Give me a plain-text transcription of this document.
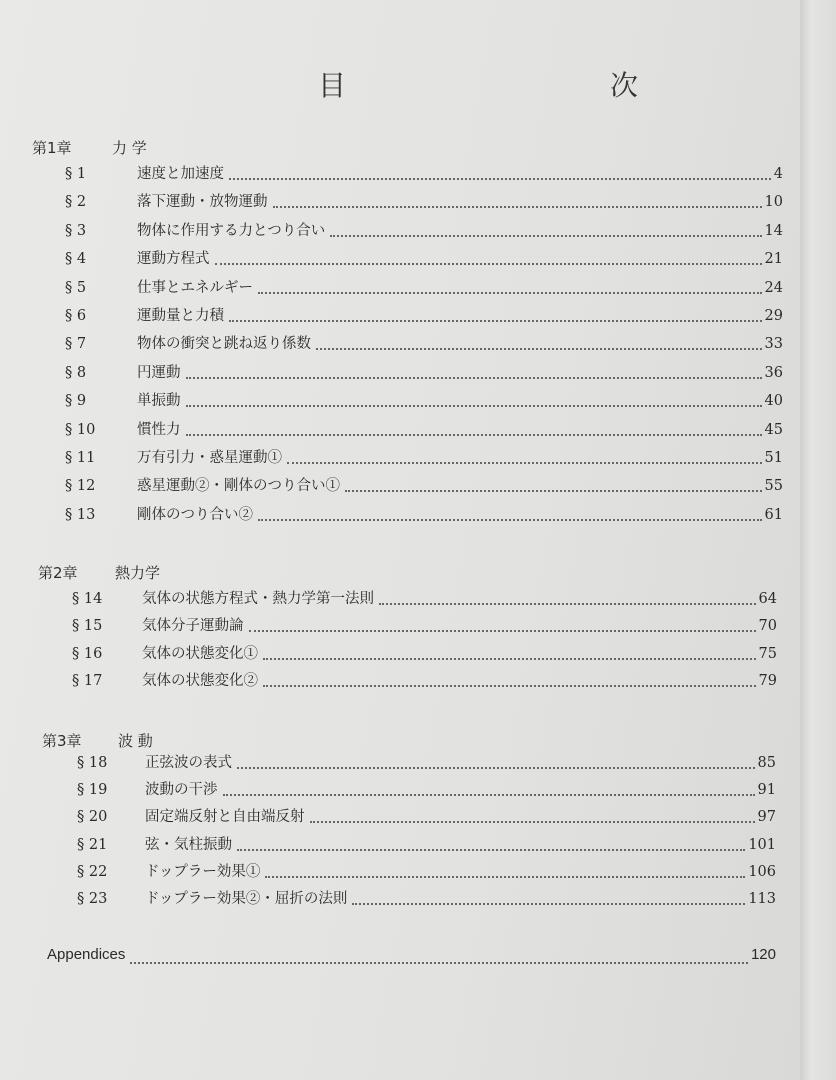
目　次
第1章	力 学
§ 1	速度と加速度	4
§ 2	落下運動・放物運動	10
§ 3	物体に作用する力とつり合い	14
§ 4	運動方程式	21
§ 5	仕事とエネルギー	24
§ 6	運動量と力積	29
§ 7	物体の衝突と跳ね返り係数	33
§ 8	円運動	36
§ 9	単振動	40
§ 10	慣性力	45
§ 11	万有引力・惑星運動①	51
§ 12	惑星運動②・剛体のつり合い①	55
§ 13	剛体のつり合い②	61
第2章 熱力学
§ 14	気体の状態方程式・熱力学第一法則	64
§ 15	気体分子運動論	70
§ 16	気体の状態変化①	75
§ 17	気体の状態変化②	79
第3章 波 動
§ 18	正弦波の表式	85
§ 19	波動の干渉	91
§ 20	固定端反射と自由端反射	97
§ 21	弦・気柱振動	101
§ 22	ドップラー効果①	106
§ 23	ドップラー効果②・屈折の法則	113
Appendices	120
